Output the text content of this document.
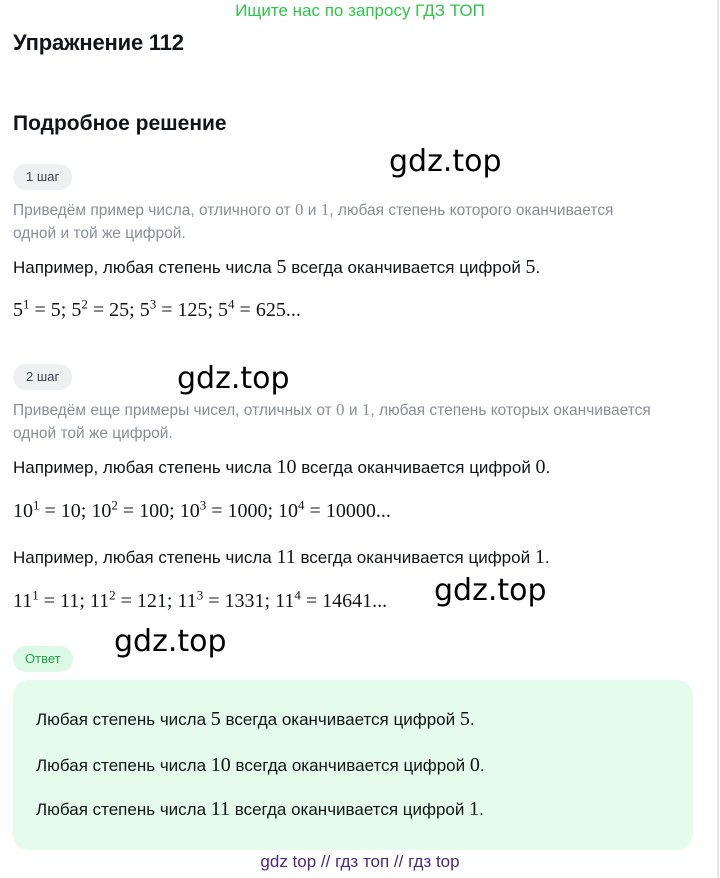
Ищите нас по запросу ГДЗ ТОП
Упражнение 112
Подробное решение
1 шаг	gdz.top
Приведём пример числа, отличного от 0 и 1, любая степень которого оканчивается
одной и той же цифрой.
Например, любая степень числа 5 всегда оканчивается цифрой 5.
$5^1 = 5$; $5^2 = 25$; $5^3 = 125$; $5^4 = 625$...
2 шаг	gdz.top
Приведём еще примеры чисел, отличных от 0 и 1, любая степень которых оканчивается
одной той же цифрой.
Например, любая степень числа 10 всегда оканчивается цифрой 0.
$10^1 = 10$; $10^2 = 100$; $10^3 = 1000$; $10^4 = 10000$...
Например, любая степень числа 11 всегда оканчивается цифрой 1.
$11^1 = 11$; $11^2 = 121$; $11^3 = 1331$; $11^4 = 14641$... gdz.top
Ответ	gdz.top
Любая степень числа 5 всегда оканчивается цифрой 5.
Любая степень числа 10 всегда оканчивается цифрой 0.
Любая степень числа 11 всегда оканчивается цифрой 1.
gdz top // гдз топ // гдз top
